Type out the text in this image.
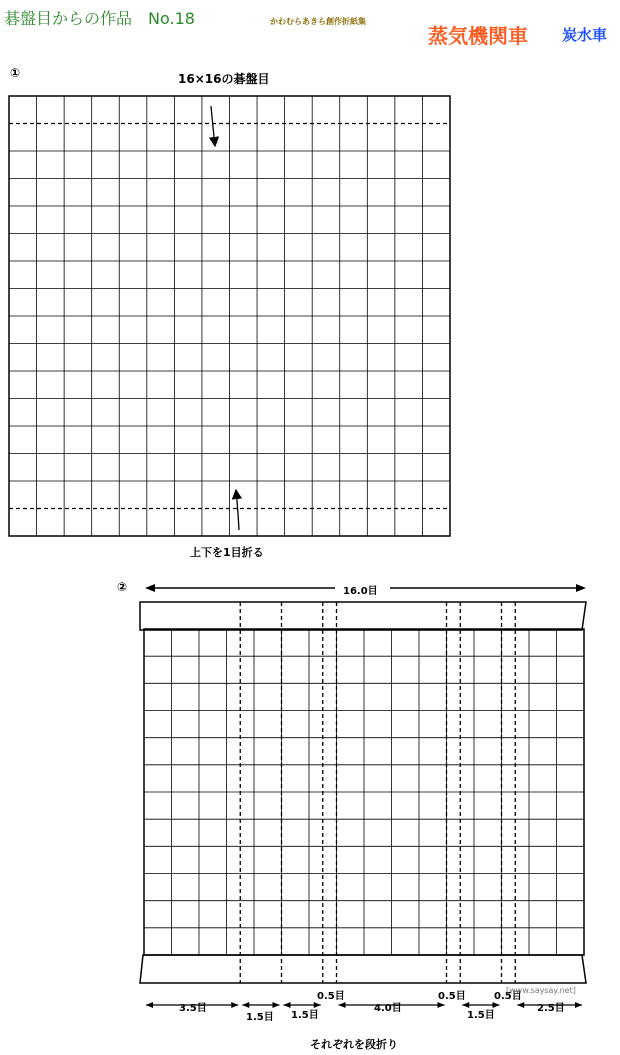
碁盤目からの作品　No.18	かわむらあきら創作折紙集
蒸気機関車 炭水車
①	16×16の碁盤目
上下を1目折る
②	16.0目
それぞれを段折り
3.5目
1.5目 1.5目
4.0目
1.5目
2.5目
0.5目	0.5目	0.5目
[www.saysay.net]
